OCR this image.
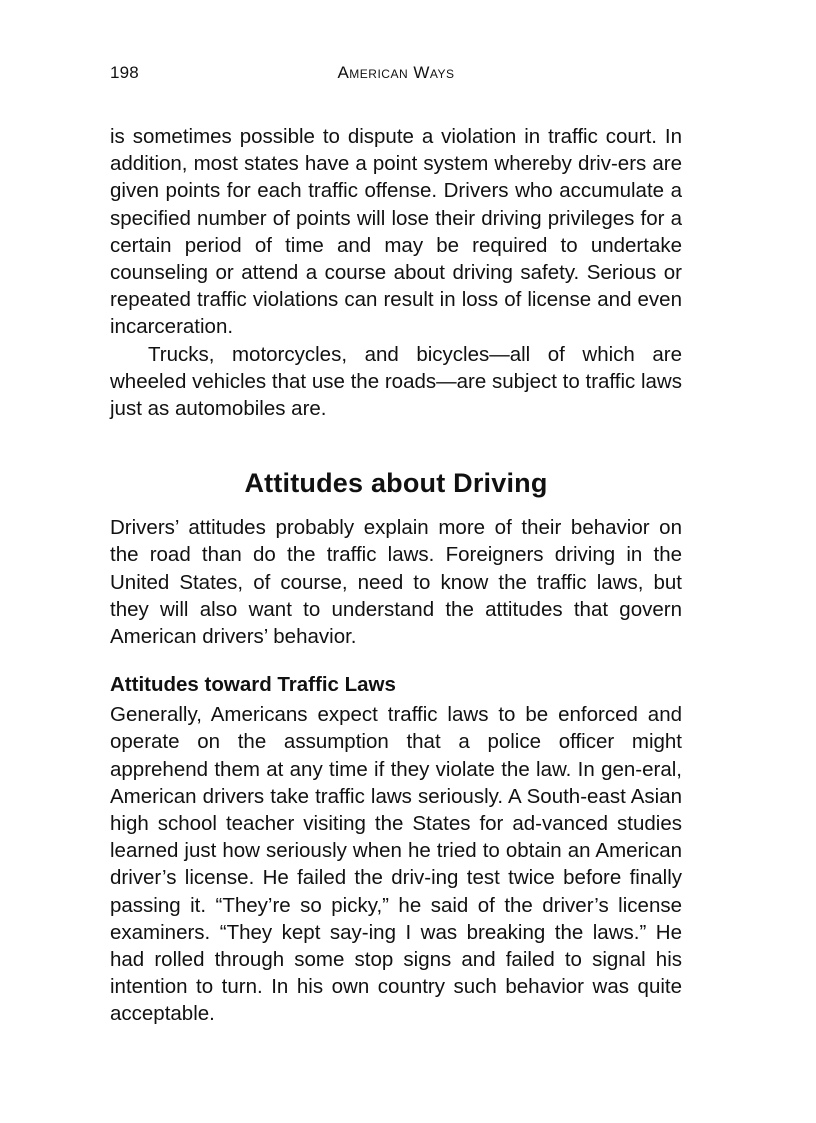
198	American Ways

is sometimes possible to dispute a violation in traffic court. In addition, most states have a point system whereby driv-ers are given points for each traffic offense. Drivers who accumulate a specified number of points will lose their driving privileges for a certain period of time and may be required to undertake counseling or attend a course about driving safety. Serious or repeated traffic violations can result in loss of license and even incarceration.

Trucks, motorcycles, and bicycles—all of which are wheeled vehicles that use the roads—are subject to traffic laws just as automobiles are.

Attitudes about Driving

Drivers’ attitudes probably explain more of their behavior on the road than do the traffic laws. Foreigners driving in the United States, of course, need to know the traffic laws, but they will also want to understand the attitudes that govern American drivers’ behavior.

Attitudes toward Traffic Laws

Generally, Americans expect traffic laws to be enforced and operate on the assumption that a police officer might apprehend them at any time if they violate the law. In gen-eral, American drivers take traffic laws seriously. A South-east Asian high school teacher visiting the States for ad-vanced studies learned just how seriously when he tried to obtain an American driver’s license. He failed the driv-ing test twice before finally passing it. “They’re so picky,” he said of the driver’s license examiners. “They kept say-ing I was breaking the laws.” He had rolled through some stop signs and failed to signal his intention to turn. In his own country such behavior was quite acceptable.
